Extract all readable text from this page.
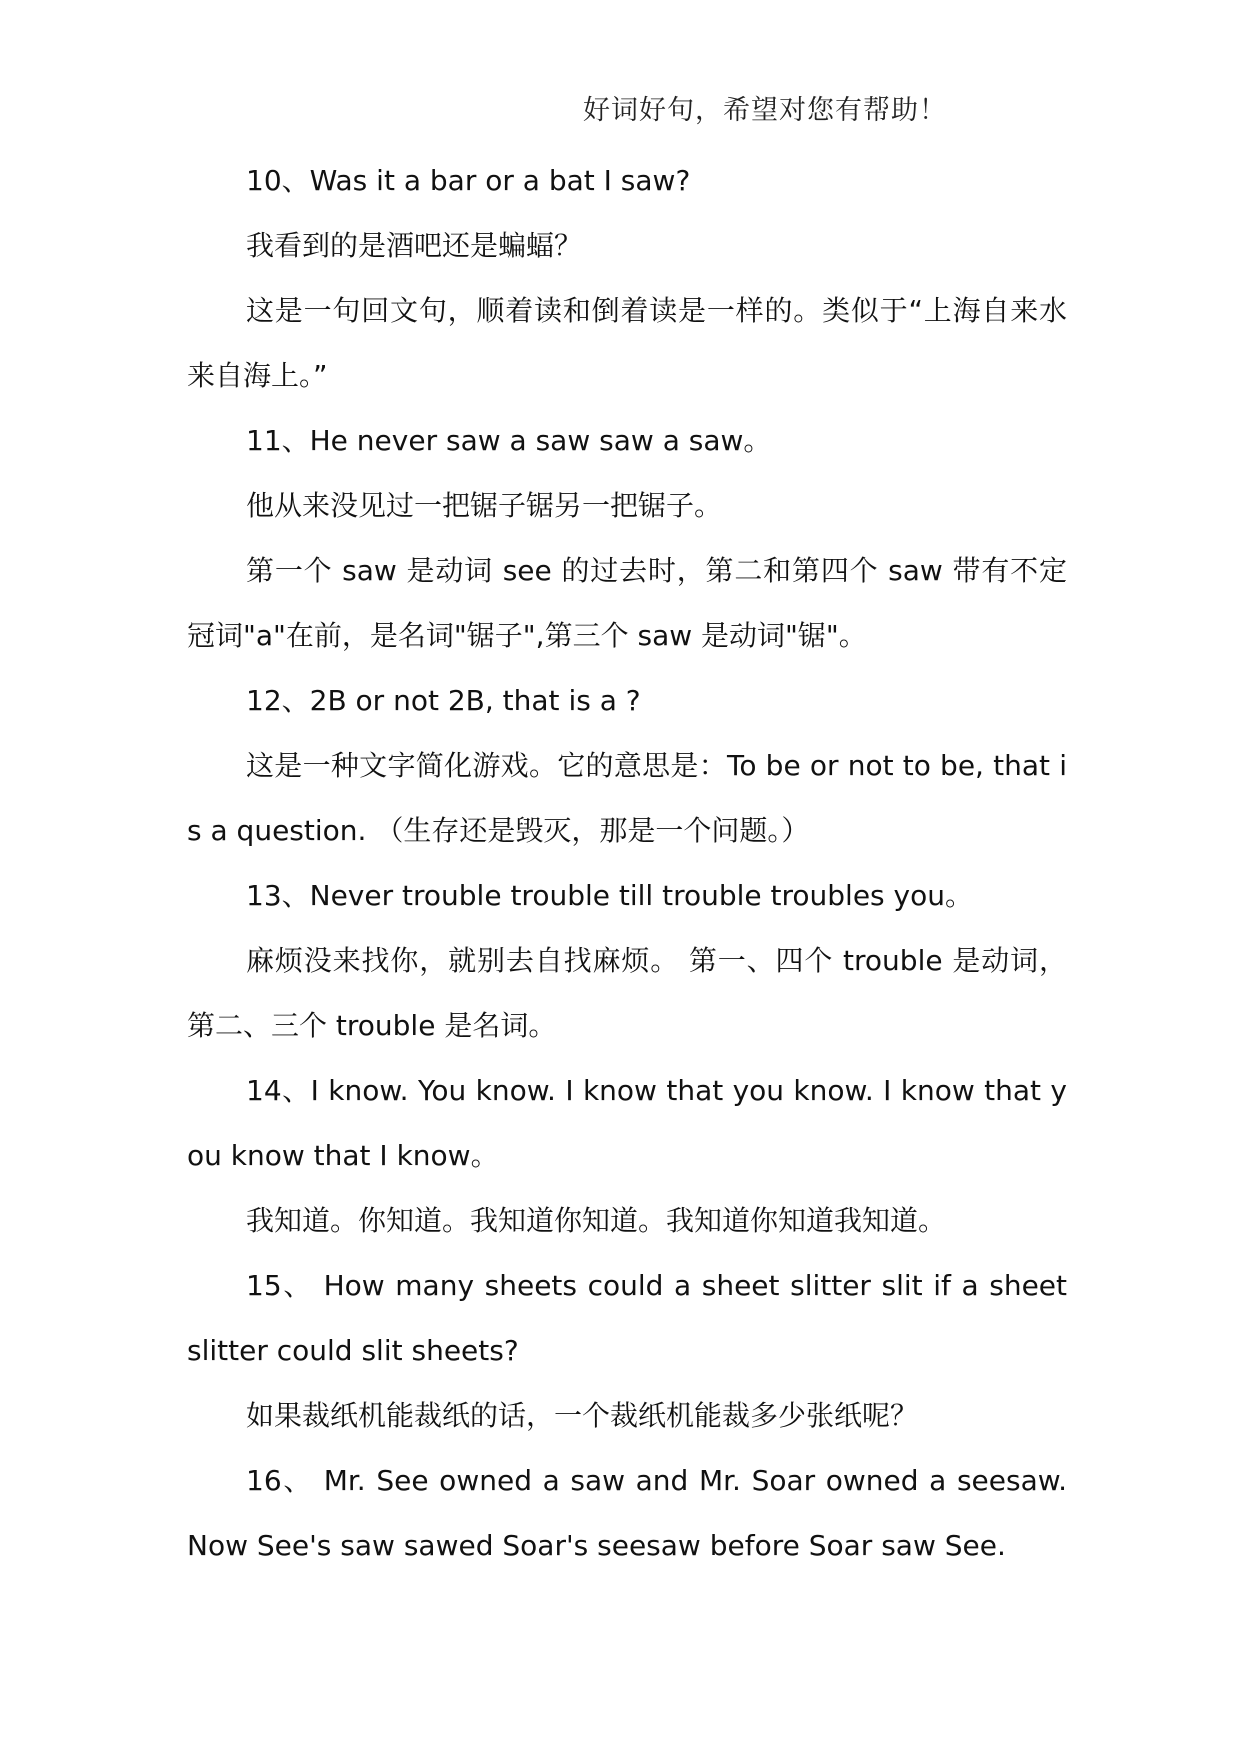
好词好句，希望对您有帮助！

10、Was it a bar or a bat I saw?

我看到的是酒吧还是蝙蝠？

这是一句回文句，顺着读和倒着读是一样的。类似于“上海自来水来自海上。”

11、He never saw a saw saw a saw。

他从来没见过一把锯子锯另一把锯子。

第一个 saw 是动词 see 的过去时，第二和第四个 saw 带有不定冠词"a"在前，是名词"锯子",第三个 saw 是动词"锯"。

12、2B or not 2B, that is a ?

这是一种文字简化游戏。它的意思是：To be or not to be, that is a question. （生存还是毁灭，那是一个问题。）

13、Never trouble trouble till trouble troubles you。

麻烦没来找你，就别去自找麻烦。 第一、四个 trouble 是动词，第二、三个 trouble 是名词。

14、I know. You know. I know that you know. I know that you know that I know。

我知道。你知道。我知道你知道。我知道你知道我知道。

15、 How many sheets could a sheet slitter slit if a sheet slitter could slit sheets?

如果裁纸机能裁纸的话，一个裁纸机能裁多少张纸呢？

16、 Mr. See owned a saw and Mr. Soar owned a seesaw. Now See's saw sawed Soar's seesaw before Soar saw See.
